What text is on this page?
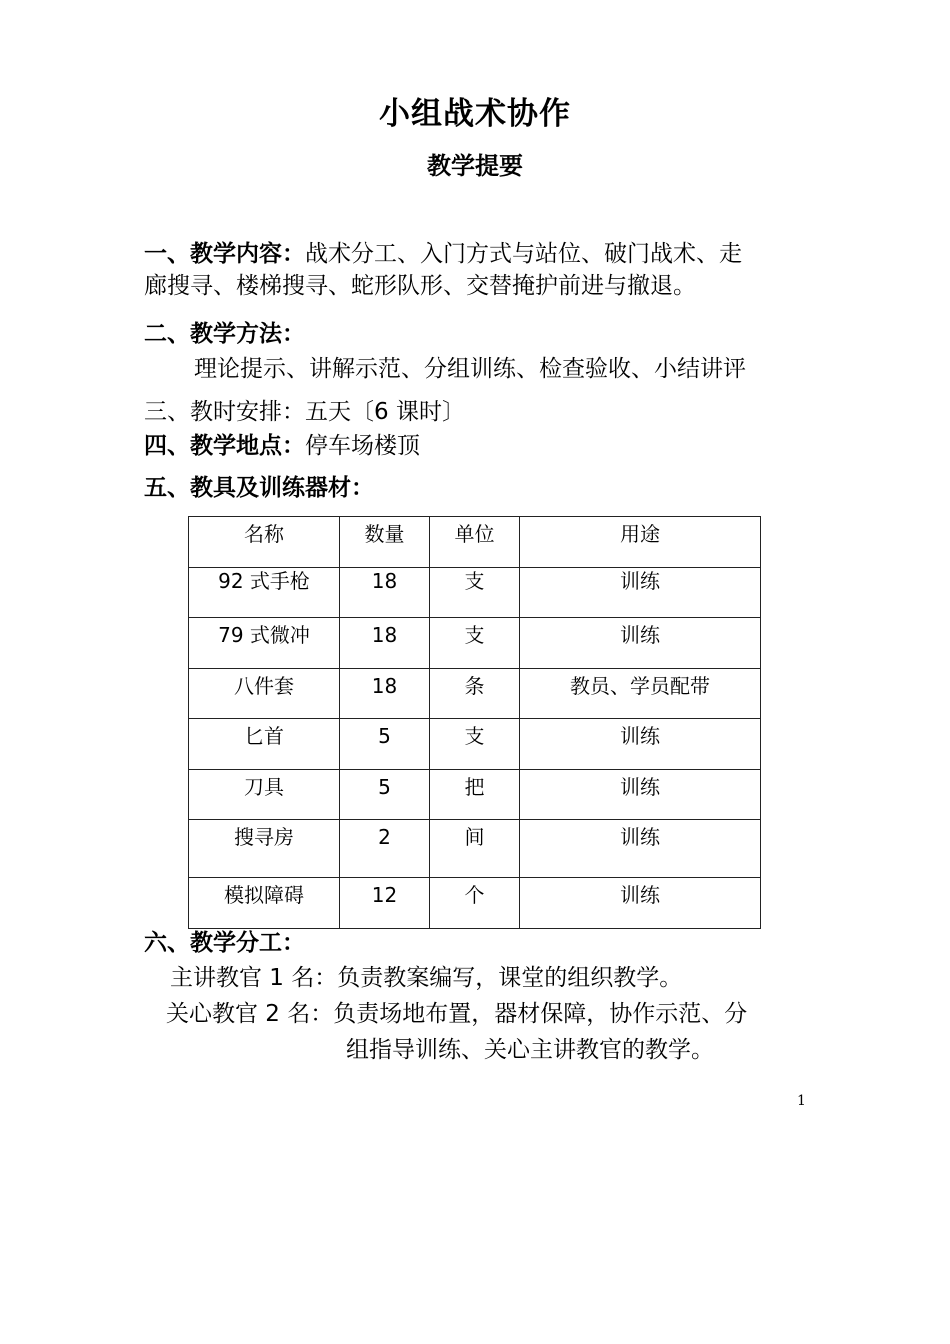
小组战术协作
教学提要
一、教学内容：战术分工、入门方式与站位、破门战术、走
廊搜寻、楼梯搜寻、蛇形队形、交替掩护前进与撤退。
二、教学方法：
理论提示、讲解示范、分组训练、检查验收、小结讲评
三、教时安排：五天〔6 课时〕
四、教学地点：停车场楼顶
五、教具及训练器材：
名称	数量	单位	用途
92 式手枪	18	支	训练
79 式微冲	18	支	训练
八件套	18	条	教员、学员配带
匕首	5	支	训练
刀具	5	把	训练
搜寻房	2	间	训练
模拟障碍	12	个	训练
六、教学分工：
主讲教官 1 名：负责教案编写，课堂的组织教学。
关心教官 2 名：负责场地布置，器材保障，协作示范、分
组指导训练、关心主讲教官的教学。
1
